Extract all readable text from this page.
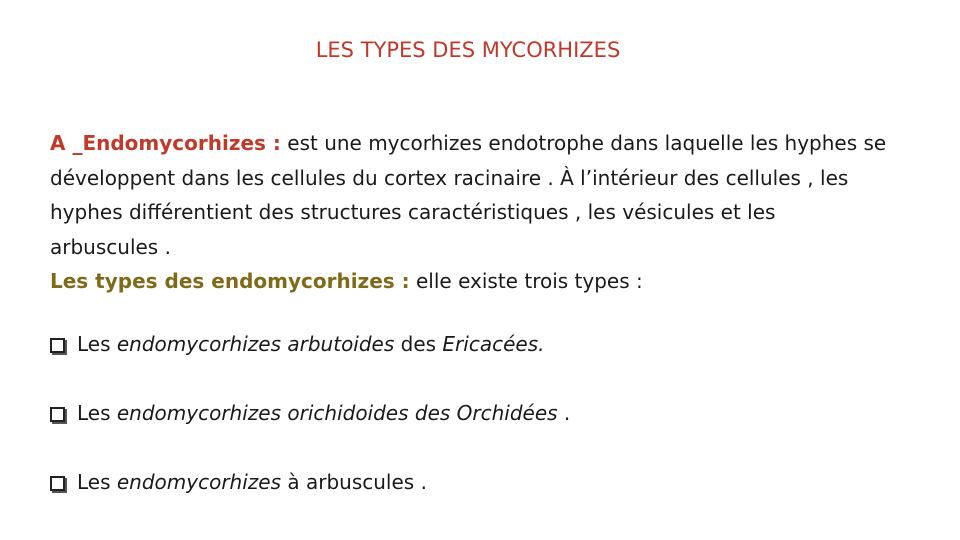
LES TYPES DES MYCORHIZES
A _Endomycorhizes : est une mycorhizes endotrophe dans laquelle les hyphes se développent dans les cellules du cortex racinaire . À l’intérieur des cellules , les hyphes différentient des structures caractéristiques , les vésicules et les arbuscules .
Les types des endomycorhizes : elle existe trois types :
Les endomycorhizes arbutoides des Ericacées.
Les endomycorhizes orichidoides des Orchidées .
Les endomycorhizes à arbuscules .
